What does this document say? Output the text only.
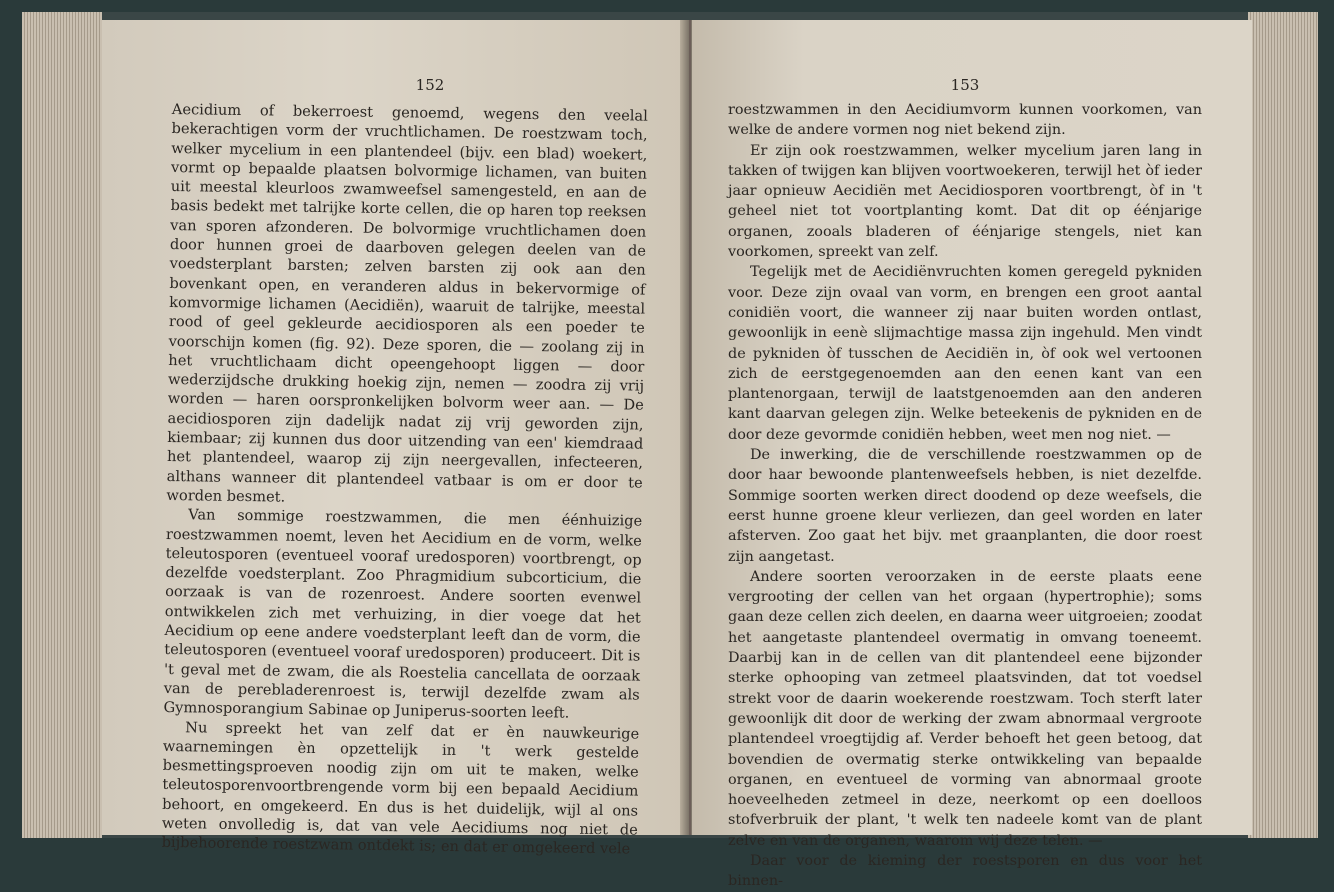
152

Aecidium of bekerroest genoemd, wegens den veelal bekerachtigen vorm der vruchtlichamen. De roestzwam toch, welker mycelium in een plantendeel (bijv. een blad) woekert, vormt op bepaalde plaatsen bolvormige lichamen, van buiten uit meestal kleurloos zwamweefsel samengesteld, en aan de basis bedekt met talrijke korte cellen, die op haren top reeksen van sporen afzonderen. De bolvormige vruchtlichamen doen door hunnen groei de daarboven gelegen deelen van de voedsterplant barsten; zelven barsten zij ook aan den bovenkant open, en veranderen aldus in bekervormige of komvormige lichamen (Aecidiën), waaruit de talrijke, meestal rood of geel gekleurde aecidiosporen als een poeder te voorschijn komen (fig. 92). Deze sporen, die — zoolang zij in het vruchtlichaam dicht opeengehoopt liggen — door wederzijdsche drukking hoekig zijn, nemen — zoodra zij vrij worden — haren oorspronkelijken bolvorm weer aan. — De aecidiosporen zijn dadelijk nadat zij vrij geworden zijn, kiembaar; zij kunnen dus door uitzending van een' kiemdraad het plantendeel, waarop zij zijn neergevallen, infecteeren, althans wanneer dit plantendeel vatbaar is om er door te worden besmet.

Van sommige roestzwammen, die men éénhuizige roestzwammen noemt, leven het Aecidium en de vorm, welke teleutosporen (eventueel vooraf uredosporen) voortbrengt, op dezelfde voedsterplant. Zoo Phragmidium subcorticium, die oorzaak is van de rozenroest. Andere soorten evenwel ontwikkelen zich met verhuizing, in dier voege dat het Aecidium op eene andere voedsterplant leeft dan de vorm, die teleutosporen (eventueel vooraf uredosporen) produceert. Dit is 't geval met de zwam, die als Roestelia cancellata de oorzaak van de perebladerenroest is, terwijl dezelfde zwam als Gymnosporangium Sabinae op Juniperus-soorten leeft.

Nu spreekt het van zelf dat er èn nauwkeurige waarnemingen èn opzettelijk in 't werk gestelde besmettingsproeven noodig zijn om uit te maken, welke teleutosporenvoortbrengende vorm bij een bepaald Aecidium behoort, en omgekeerd. En dus is het duidelijk, wijl al ons weten onvolledig is, dat van vele Aecidiums nog niet de bijbehoorende roestzwam ontdekt is; en dat er omgekeerd vele

153

roestzwammen in den Aecidiumvorm kunnen voorkomen, van welke de andere vormen nog niet bekend zijn.

Er zijn ook roestzwammen, welker mycelium jaren lang in takken of twijgen kan blijven voortwoekeren, terwijl het òf ieder jaar opnieuw Aecidiën met Aecidiosporen voortbrengt, òf in 't geheel niet tot voortplanting komt. Dat dit op éénjarige organen, zooals bladeren of éénjarige stengels, niet kan voorkomen, spreekt van zelf.

Tegelijk met de Aecidiënvruchten komen geregeld pykniden voor. Deze zijn ovaal van vorm, en brengen een groot aantal conidiën voort, die wanneer zij naar buiten worden ontlast, gewoonlijk in eenè slijmachtige massa zijn ingehuld. Men vindt de pykniden òf tusschen de Aecidiën in, òf ook wel vertoonen zich de eerstgegenoemden aan den eenen kant van een plantenorgaan, terwijl de laatstgenoemden aan den anderen kant daarvan gelegen zijn. Welke beteekenis de pykniden en de door deze gevormde conidiën hebben, weet men nog niet. —

De inwerking, die de verschillende roestzwammen op de door haar bewoonde plantenweefsels hebben, is niet dezelfde. Sommige soorten werken direct doodend op deze weefsels, die eerst hunne groene kleur verliezen, dan geel worden en later afsterven. Zoo gaat het bijv. met graanplanten, die door roest zijn aangetast.

Andere soorten veroorzaken in de eerste plaats eene vergrooting der cellen van het orgaan (hypertrophie); soms gaan deze cellen zich deelen, en daarna weer uitgroeien; zoodat het aangetaste plantendeel overmatig in omvang toeneemt. Daarbij kan in de cellen van dit plantendeel eene bijzonder sterke ophooping van zetmeel plaatsvinden, dat tot voedsel strekt voor de daarin woekerende roestzwam. Toch sterft later gewoonlijk dit door de werking der zwam abnormaal vergroote plantendeel vroegtijdig af. Verder behoeft het geen betoog, dat bovendien de overmatig sterke ontwikkeling van bepaalde organen, en eventueel de vorming van abnormaal groote hoeveelheden zetmeel in deze, neerkomt op een doelloos stofverbruik der plant, 't welk ten nadeele komt van de plant zelve en van de organen, waarom wij deze telen. —

Daar voor de kieming der roestsporen en dus voor het binnen-
